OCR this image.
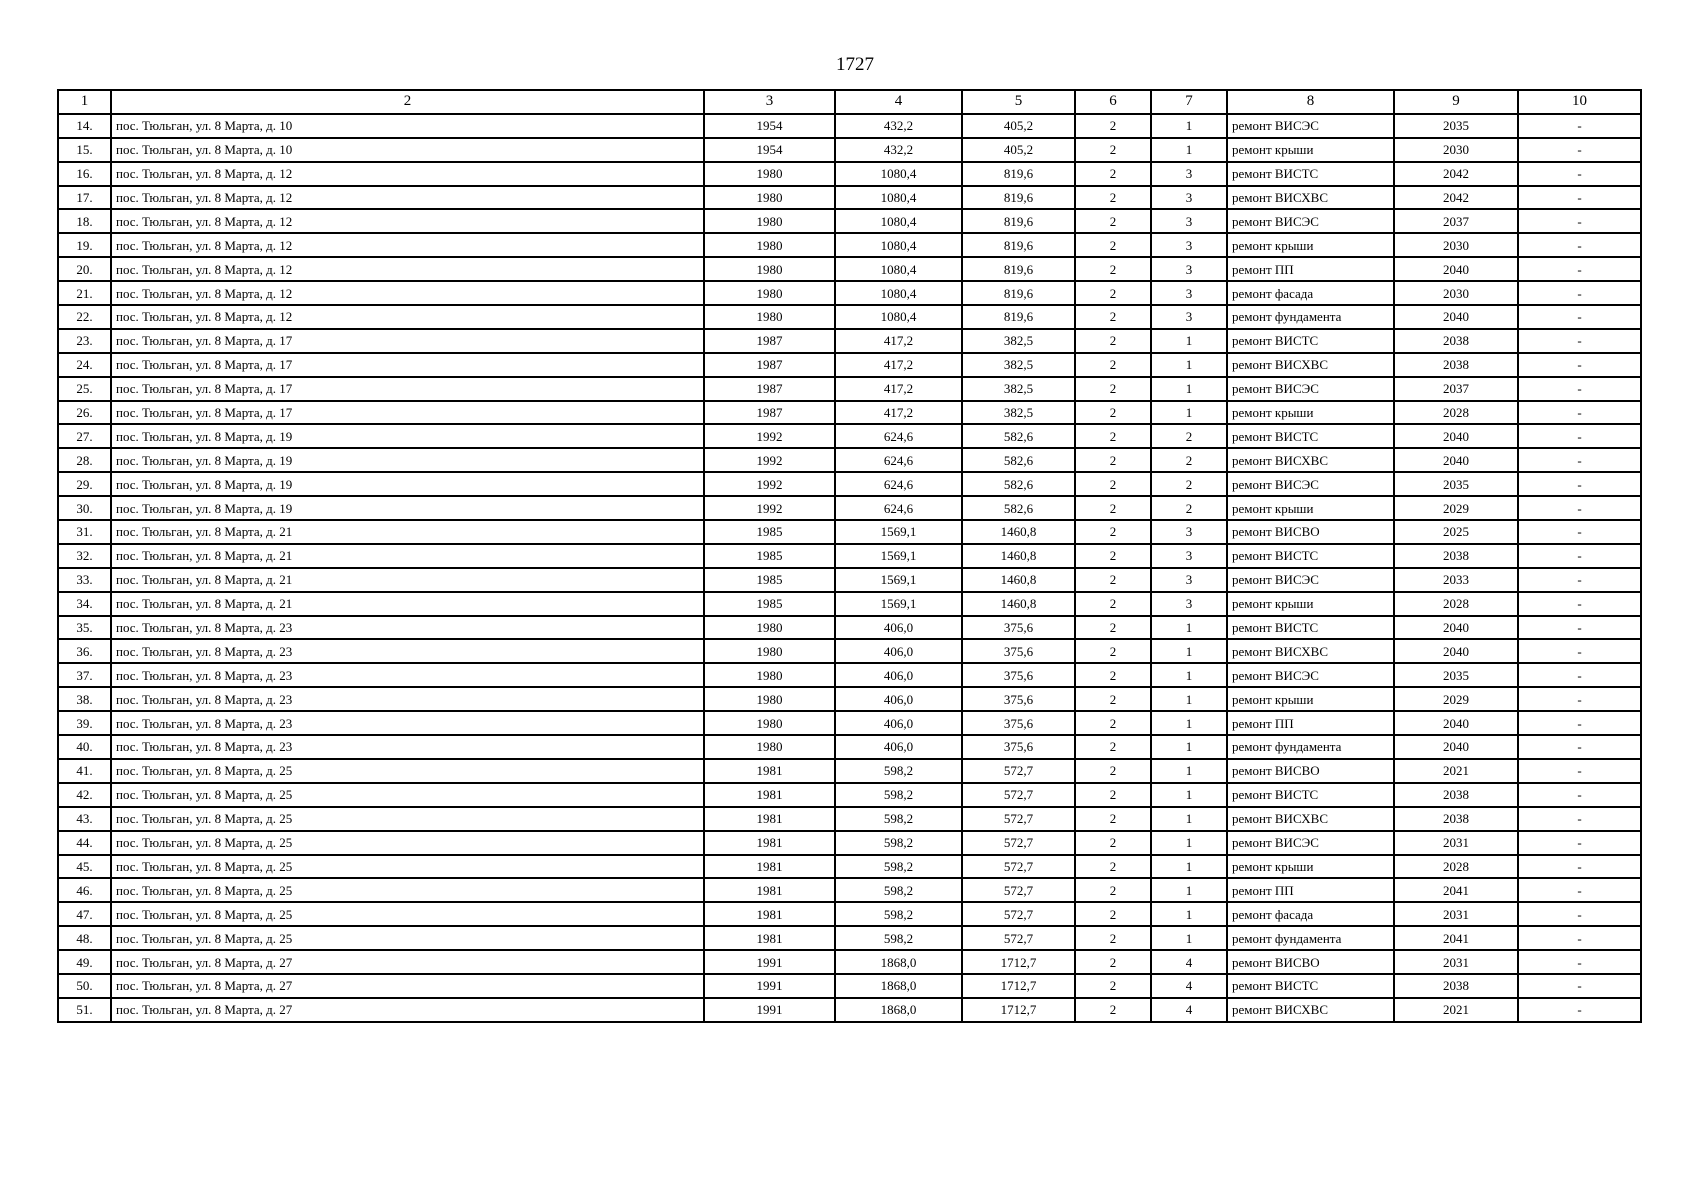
1727
1	2	3	4	5	6	7	8	9	10
14.	пос. Тюльган, ул. 8 Марта, д. 10	1954	432,2	405,2	2	1	ремонт ВИСЭС	2035	-
15.	пос. Тюльган, ул. 8 Марта, д. 10	1954	432,2	405,2	2	1	ремонт крыши	2030	-
16.	пос. Тюльган, ул. 8 Марта, д. 12	1980	1080,4	819,6	2	3	ремонт ВИСТС	2042	-
17.	пос. Тюльган, ул. 8 Марта, д. 12	1980	1080,4	819,6	2	3	ремонт ВИСХВС	2042	-
18.	пос. Тюльган, ул. 8 Марта, д. 12	1980	1080,4	819,6	2	3	ремонт ВИСЭС	2037	-
19.	пос. Тюльган, ул. 8 Марта, д. 12	1980	1080,4	819,6	2	3	ремонт крыши	2030	-
20.	пос. Тюльган, ул. 8 Марта, д. 12	1980	1080,4	819,6	2	3	ремонт ПП	2040	-
21.	пос. Тюльган, ул. 8 Марта, д. 12	1980	1080,4	819,6	2	3	ремонт фасада	2030	-
22.	пос. Тюльган, ул. 8 Марта, д. 12	1980	1080,4	819,6	2	3	ремонт фундамента	2040	-
23.	пос. Тюльган, ул. 8 Марта, д. 17	1987	417,2	382,5	2	1	ремонт ВИСТС	2038	-
24.	пос. Тюльган, ул. 8 Марта, д. 17	1987	417,2	382,5	2	1	ремонт ВИСХВС	2038	-
25.	пос. Тюльган, ул. 8 Марта, д. 17	1987	417,2	382,5	2	1	ремонт ВИСЭС	2037	-
26.	пос. Тюльган, ул. 8 Марта, д. 17	1987	417,2	382,5	2	1	ремонт крыши	2028	-
27.	пос. Тюльган, ул. 8 Марта, д. 19	1992	624,6	582,6	2	2	ремонт ВИСТС	2040	-
28.	пос. Тюльган, ул. 8 Марта, д. 19	1992	624,6	582,6	2	2	ремонт ВИСХВС	2040	-
29.	пос. Тюльган, ул. 8 Марта, д. 19	1992	624,6	582,6	2	2	ремонт ВИСЭС	2035	-
30.	пос. Тюльган, ул. 8 Марта, д. 19	1992	624,6	582,6	2	2	ремонт крыши	2029	-
31.	пос. Тюльган, ул. 8 Марта, д. 21	1985	1569,1	1460,8	2	3	ремонт ВИСВО	2025	-
32.	пос. Тюльган, ул. 8 Марта, д. 21	1985	1569,1	1460,8	2	3	ремонт ВИСТС	2038	-
33.	пос. Тюльган, ул. 8 Марта, д. 21	1985	1569,1	1460,8	2	3	ремонт ВИСЭС	2033	-
34.	пос. Тюльган, ул. 8 Марта, д. 21	1985	1569,1	1460,8	2	3	ремонт крыши	2028	-
35.	пос. Тюльган, ул. 8 Марта, д. 23	1980	406,0	375,6	2	1	ремонт ВИСТС	2040	-
36.	пос. Тюльган, ул. 8 Марта, д. 23	1980	406,0	375,6	2	1	ремонт ВИСХВС	2040	-
37.	пос. Тюльган, ул. 8 Марта, д. 23	1980	406,0	375,6	2	1	ремонт ВИСЭС	2035	-
38.	пос. Тюльган, ул. 8 Марта, д. 23	1980	406,0	375,6	2	1	ремонт крыши	2029	-
39.	пос. Тюльган, ул. 8 Марта, д. 23	1980	406,0	375,6	2	1	ремонт ПП	2040	-
40.	пос. Тюльган, ул. 8 Марта, д. 23	1980	406,0	375,6	2	1	ремонт фундамента	2040	-
41.	пос. Тюльган, ул. 8 Марта, д. 25	1981	598,2	572,7	2	1	ремонт ВИСВО	2021	-
42.	пос. Тюльган, ул. 8 Марта, д. 25	1981	598,2	572,7	2	1	ремонт ВИСТС	2038	-
43.	пос. Тюльган, ул. 8 Марта, д. 25	1981	598,2	572,7	2	1	ремонт ВИСХВС	2038	-
44.	пос. Тюльган, ул. 8 Марта, д. 25	1981	598,2	572,7	2	1	ремонт ВИСЭС	2031	-
45.	пос. Тюльган, ул. 8 Марта, д. 25	1981	598,2	572,7	2	1	ремонт крыши	2028	-
46.	пос. Тюльган, ул. 8 Марта, д. 25	1981	598,2	572,7	2	1	ремонт ПП	2041	-
47.	пос. Тюльган, ул. 8 Марта, д. 25	1981	598,2	572,7	2	1	ремонт фасада	2031	-
48.	пос. Тюльган, ул. 8 Марта, д. 25	1981	598,2	572,7	2	1	ремонт фундамента	2041	-
49.	пос. Тюльган, ул. 8 Марта, д. 27	1991	1868,0	1712,7	2	4	ремонт ВИСВО	2031	-
50.	пос. Тюльган, ул. 8 Марта, д. 27	1991	1868,0	1712,7	2	4	ремонт ВИСТС	2038	-
51.	пос. Тюльган, ул. 8 Марта, д. 27	1991	1868,0	1712,7	2	4	ремонт ВИСХВС	2021	-
